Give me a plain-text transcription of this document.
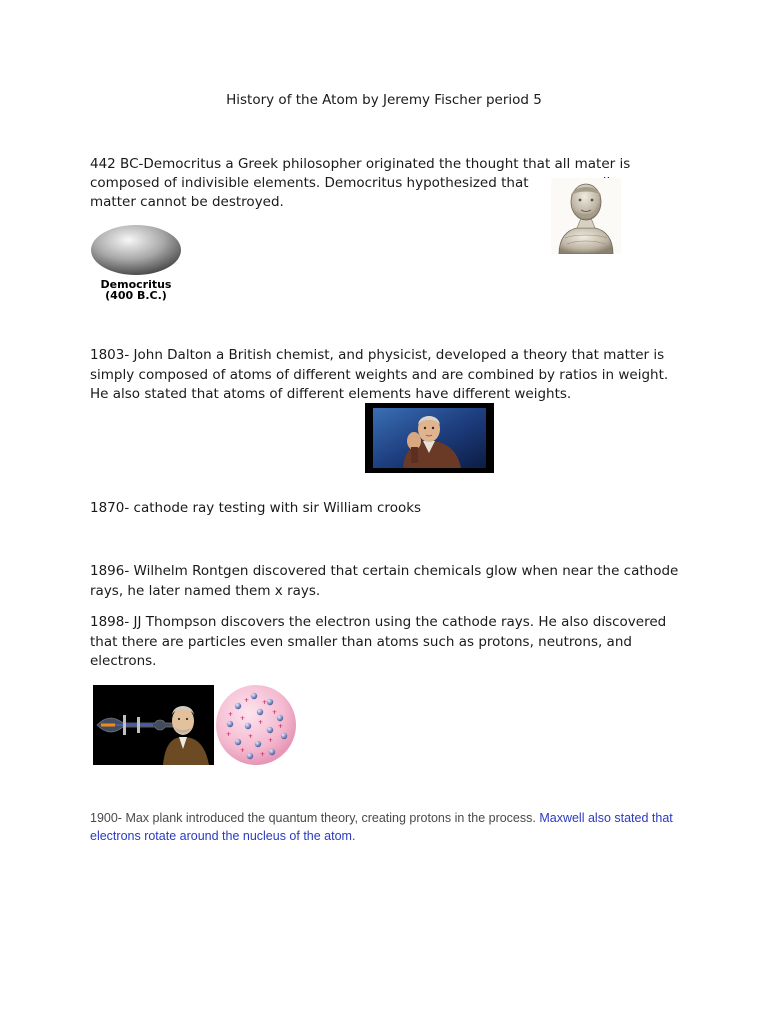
History of the Atom by Jeremy Fischer period 5
442 BC-Democritus a Greek philosopher originated the thought that all mater is
composed of indivisible elements. Democritus hypothesized that
matter cannot be destroyed.
Democritus
(400 B.C.)
1803- John Dalton a British chemist, and physicist, developed a theory that matter is simply composed of atoms of different weights and are combined by ratios in weight. He also stated that atoms of different elements have different weights.
1870- cathode ray testing with sir William crooks
1896- Wilhelm Rontgen discovered that certain chemicals glow when near the cathode rays, he later named them x rays.
1898- JJ Thompson discovers the electron using the cathode rays. He also discovered that there are particles even smaller than atoms such as protons, neutrons, and electrons.
+ +
+	+
+
+
+
+	+
+
+
+
1900- Max plank introduced the quantum theory, creating protons in the process. Maxwell also stated that electrons rotate around the nucleus of the atom.
